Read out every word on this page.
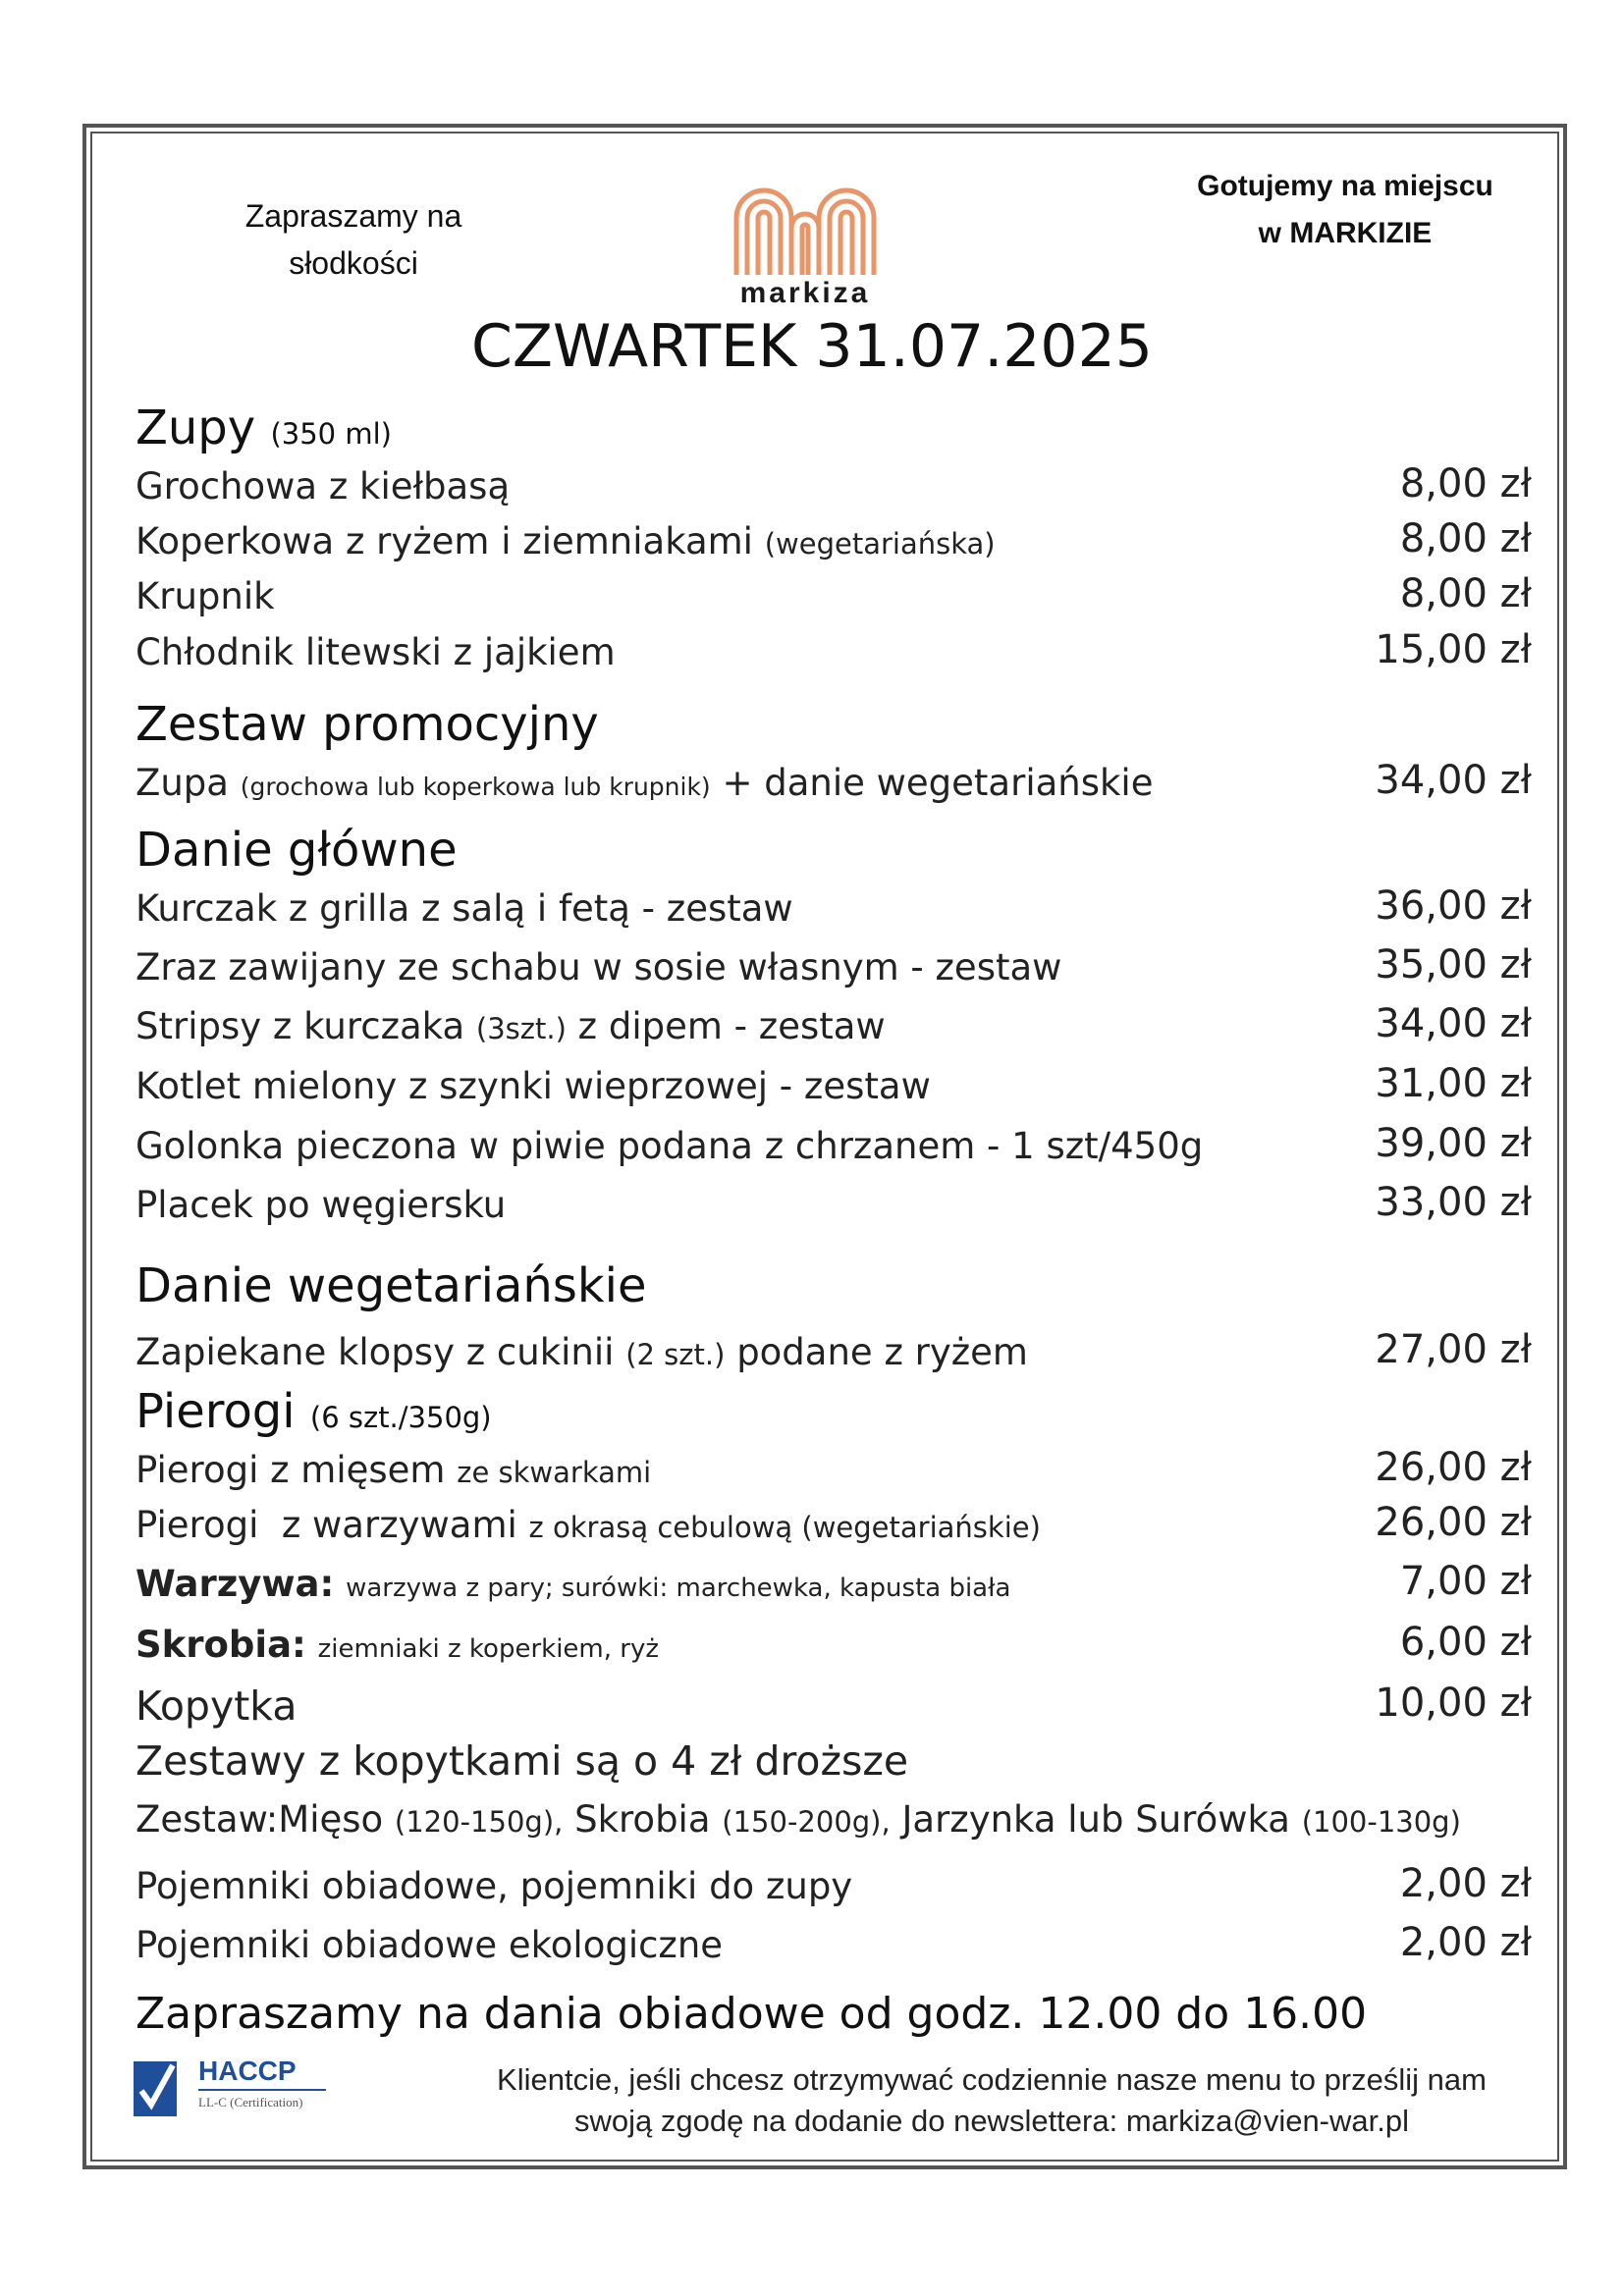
Zapraszamy na
słodkości
markiza
Gotujemy na miejscu
w MARKIZIE
CZWARTEK 31.07.2025
Zupy (350 ml)
Grochowa z kiełbasą	8,00 zł
Koperkowa z ryżem i ziemniakami (wegetariańska)	8,00 zł
Krupnik	8,00 zł
Chłodnik litewski z jajkiem	15,00 zł
Zestaw promocyjny
Zupa (grochowa lub koperkowa lub krupnik) + danie wegetariańskie	34,00 zł
Danie główne
Kurczak z grilla z salą i fetą - zestaw	36,00 zł
Zraz zawijany ze schabu w sosie własnym - zestaw	35,00 zł
Stripsy z kurczaka (3szt.) z dipem - zestaw	34,00 zł
Kotlet mielony z szynki wieprzowej - zestaw	31,00 zł
Golonka pieczona w piwie podana z chrzanem - 1 szt/450g	39,00 zł
Placek po węgiersku	33,00 zł
Danie wegetariańskie
Zapiekane klopsy z cukinii (2 szt.) podane z ryżem	27,00 zł
Pierogi (6 szt./350g)
Pierogi z mięsem ze skwarkami	26,00 zł
Pierogi  z warzywami z okrasą cebulową (wegetariańskie)	26,00 zł
Warzywa: warzywa z pary; surówki: marchewka, kapusta biała	7,00 zł
Skrobia: ziemniaki z koperkiem, ryż	6,00 zł
Kopytka	10,00 zł
Zestawy z kopytkami są o 4 zł droższe
Zestaw:Mięso (120-150g), Skrobia (150-200g), Jarzynka lub Surówka (100-130g)
Pojemniki obiadowe, pojemniki do zupy	2,00 zł
Pojemniki obiadowe ekologiczne	2,00 zł
Zapraszamy na dania obiadowe od godz. 12.00 do 16.00
HACCP
LL-C (Certification)
Klientcie, jeśli chcesz otrzymywać codziennie nasze menu to prześlij nam
swoją zgodę na dodanie do newslettera: markiza@vien-war.pl
